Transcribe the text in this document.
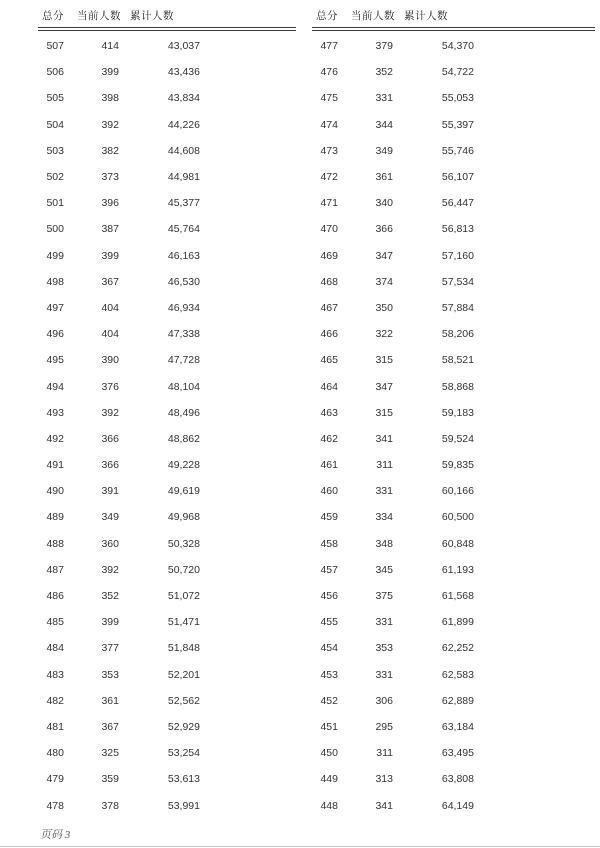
总分 当前人数 累计人数
507	414	43,037
506	399	43,436
505	398	43,834
504	392	44,226
503	382	44,608
502	373	44,981
501	396	45,377
500	387	45,764
499	399	46,163
498	367	46,530
497	404	46,934
496	404	47,338
495	390	47,728
494	376	48,104
493	392	48,496
492	366	48,862
491	366	49,228
490	391	49,619
489	349	49,968
488	360	50,328
487	392	50,720
486	352	51,072
485	399	51,471
484	377	51,848
483	353	52,201
482	361	52,562
481	367	52,929
480	325	53,254
479	359	53,613
478	378	53,991
总分 当前人数 累计人数
477	379	54,370
476	352	54,722
475	331	55,053
474	344	55,397
473	349	55,746
472	361	56,107
471	340	56,447
470	366	56,813
469	347	57,160
468	374	57,534
467	350	57,884
466	322	58,206
465	315	58,521
464	347	58,868
463	315	59,183
462	341	59,524
461	311	59,835
460	331	60,166
459	334	60,500
458	348	60,848
457	345	61,193
456	375	61,568
455	331	61,899
454	353	62,252
453	331	62,583
452	306	62,889
451	295	63,184
450	311	63,495
449	313	63,808
448	341	64,149
页码 3
